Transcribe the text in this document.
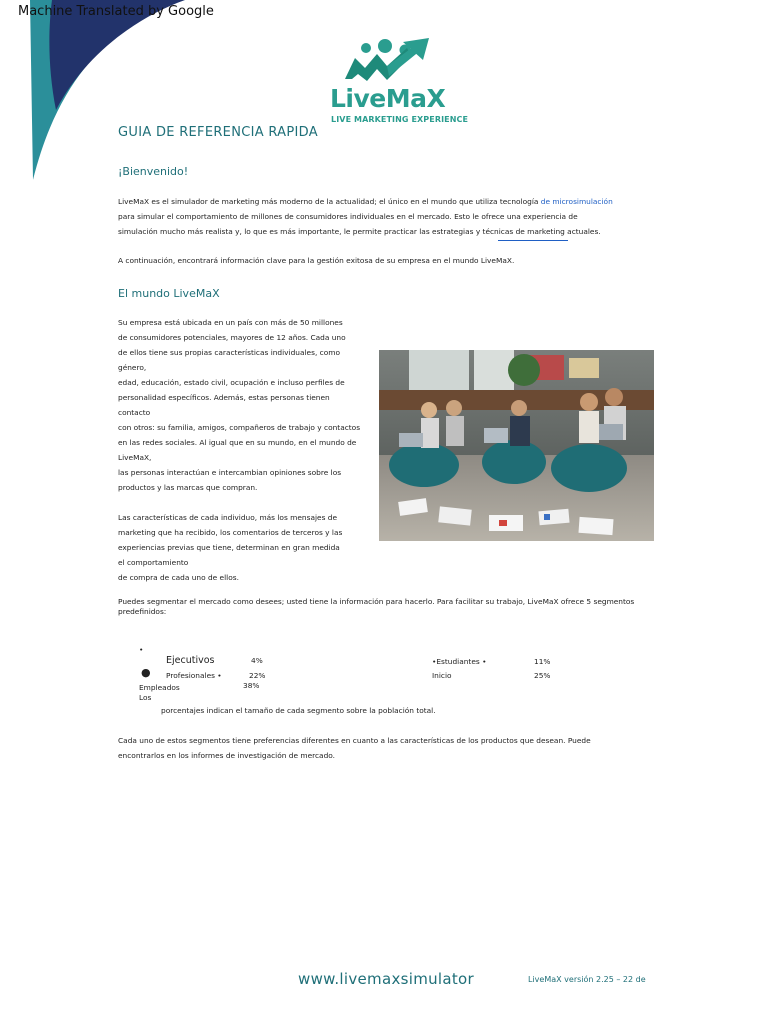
Machine Translated by Google
LiveMaX
LIVE MARKETING EXPERIENCE
GUIA DE REFERENCIA RAPIDA
¡Bienvenido!
LiveMaX es el simulador de marketing más moderno de la actualidad; el único en el mundo que utiliza tecnología de microsimulación
para simular el comportamiento de millones de consumidores individuales en el mercado. Esto le ofrece una experiencia de
simulación mucho más realista y, lo que es más importante, le permite practicar las estrategias y técnicas de marketing actuales.
A continuación, encontrará información clave para la gestión exitosa de su empresa en el mundo LiveMaX.
El mundo LiveMaX
Su empresa está ubicada en un país con más de 50 millones
de consumidores potenciales, mayores de 12 años. Cada uno
de ellos tiene sus propias características individuales, como
género,
edad, educación, estado civil, ocupación e incluso perfiles de
personalidad específicos. Además, estas personas tienen
contacto
con otros: su familia, amigos, compañeros de trabajo y contactos
en las redes sociales. Al igual que en su mundo, en el mundo de
LiveMaX,
las personas interactúan e intercambian opiniones sobre los
productos y las marcas que compran.
Las características de cada individuo, más los mensajes de
marketing que ha recibido, los comentarios de terceros y las
experiencias previas que tiene, determinan en gran medida
el comportamiento
de compra de cada uno de ellos.
Puedes segmentar el mercado como desees; usted tiene la información para hacerlo. Para facilitar su trabajo, LiveMaX ofrece 5 segmentos
predefinidos:
•
●
Ejecutivos	4%
Profesionales •	22%
Empleados	38%
Los
•Estudiantes •	11%
Inicio	25%
porcentajes indican el tamaño de cada segmento sobre la población total.
Cada uno de estos segmentos tiene preferencias diferentes en cuanto a las características de los productos que desean. Puede
encontrarlos en los informes de investigación de mercado.
www.livemaxsimulator	LiveMaX versión 2.25 – 22 de
